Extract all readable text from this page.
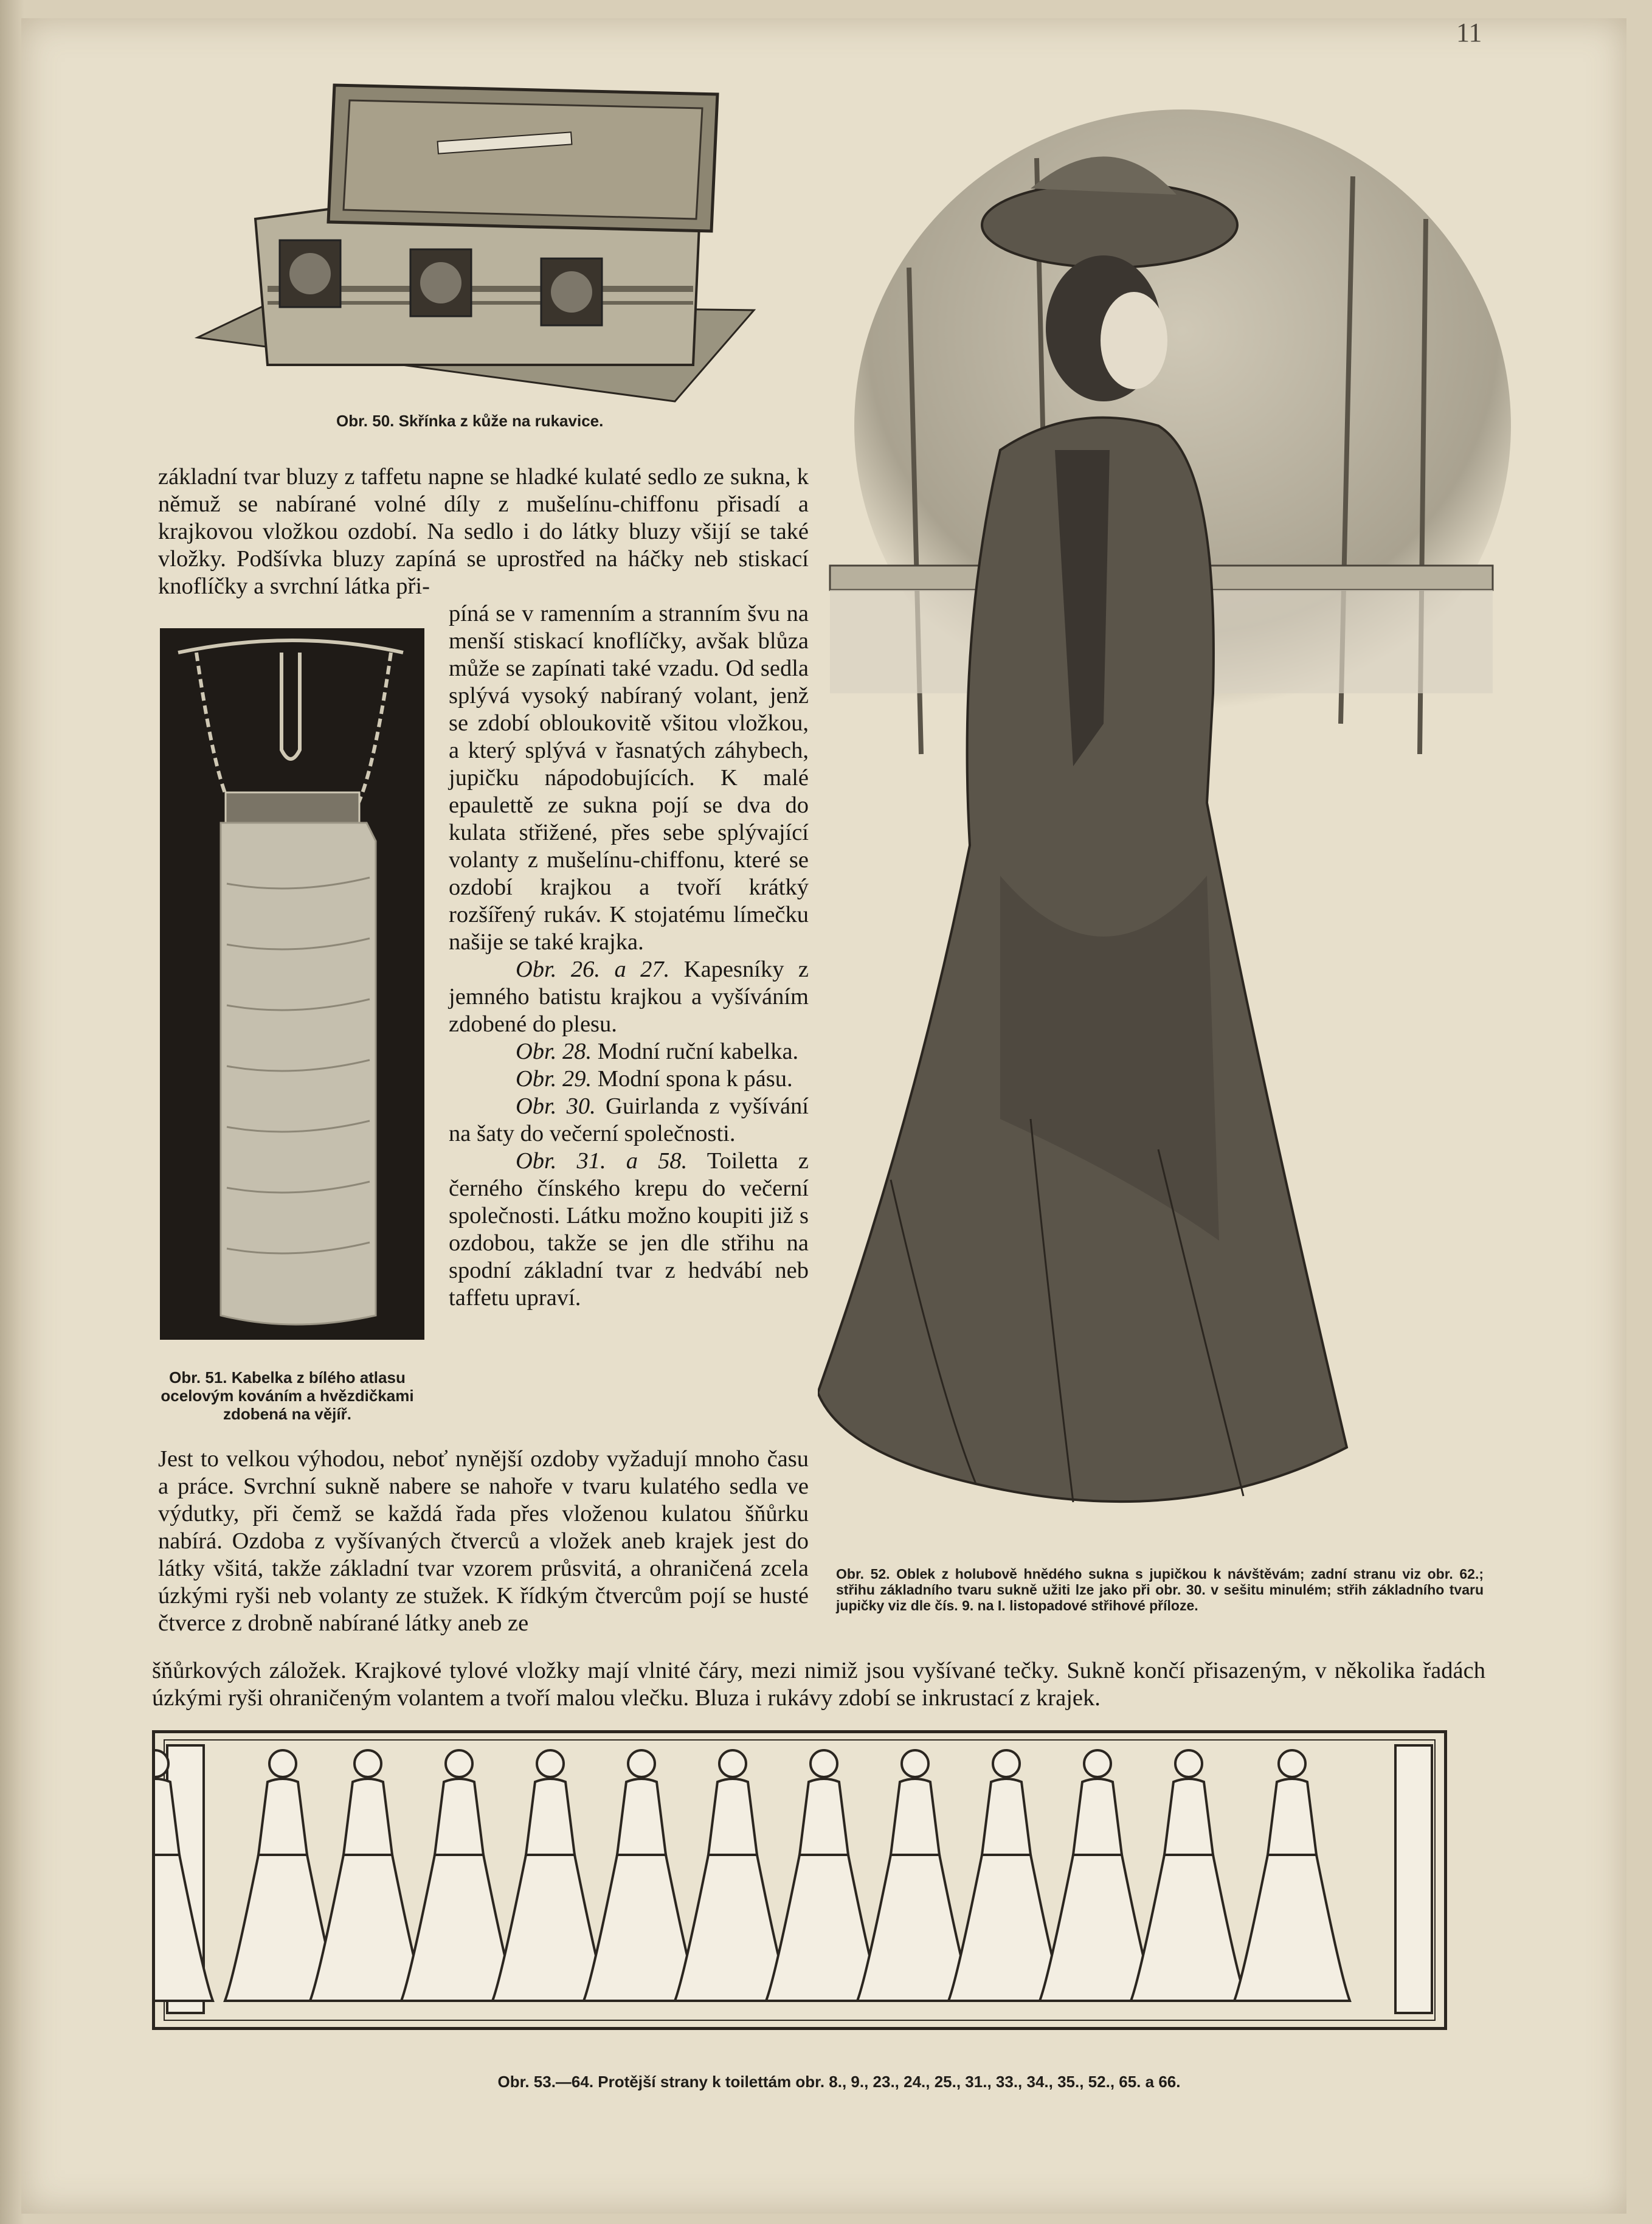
11
Obr. 50. Skřínka z kůže na rukavice.
základní tvar bluzy z taffetu napne se hladké kulaté sedlo ze sukna, k němuž se nabírané volné díly z mušelínu-chiffonu přisadí a krajkovou vložkou ozdobí. Na sedlo i do látky bluzy všijí se také vložky. Podšívka bluzy zapíná se uprostřed na háčky neb stiskací knoflíčky a svrchní látka při-
Obr. 51. Kabelka z bílého atlasu ocelovým kováním a hvězdičkami zdobená na vějíř.

píná se v ramenním a stranním švu na menší stiskací knoflíčky, avšak blůza může se zapínati také vzadu. Od sedla splývá vysoký nabíraný volant, jenž se zdobí obloukovitě všitou vložkou, a který splývá v řasnatých záhybech, jupičku nápodobujících. K malé epaulettě ze sukna pojí se dva do kulata střižené, přes sebe splývající volanty z mušelínu-chiffonu, které se ozdobí krajkou a tvoří krátký rozšířený rukáv. K stojatému límečku našije se také krajka.

Obr. 26. a 27. Kapesníky z jemného batistu krajkou a vyšíváním zdobené do plesu.

Obr. 28. Modní ruční kabelka.

Obr. 29. Modní spona k pásu.

Obr. 30. Guirlanda z vyšívání na šaty do večerní společnosti.

Obr. 31. a 58. Toiletta z černého čínského krepu do večerní společnosti. Látku možno koupiti již s ozdobou, takže se jen dle střihu na spodní základní tvar z hedvábí neb taffetu upraví.

Jest to velkou výhodou, neboť nynější ozdoby vyžadují mnoho času a práce. Svrchní sukně nabere se nahoře v tvaru kulatého sedla ve výdutky, při čemž se každá řada přes vloženou kulatou šňůrku nabírá. Ozdoba z vyšívaných čtverců a vložek aneb krajek jest do látky všitá, takže základní tvar vzorem průsvitá, a ohraničená zcela úzkými ryši neb volanty ze stužek. K řídkým čtvercům pojí se husté čtverce z drobně nabírané látky aneb ze
Obr. 52. Oblek z holubově hnědého sukna s jupičkou k návštěvám; zadní stranu viz obr. 62.; střihu základního tvaru sukně užiti lze jako při obr. 30. v sešitu minulém; střih základního tvaru jupičky viz dle čís. 9. na I. listopadové střihové příloze.
šňůrkových záložek. Krajkové tylové vložky mají vlnité čáry, mezi nimiž jsou vyšívané tečky. Sukně končí přisazeným, v několika řadách úzkými ryši ohraničeným volantem a tvoří malou vlečku. Bluza i rukávy zdobí se inkrustací z krajek.
Obr. 53.—64. Protější strany k toilettám obr. 8., 9., 23., 24., 25., 31., 33., 34., 35., 52., 65. a 66.
